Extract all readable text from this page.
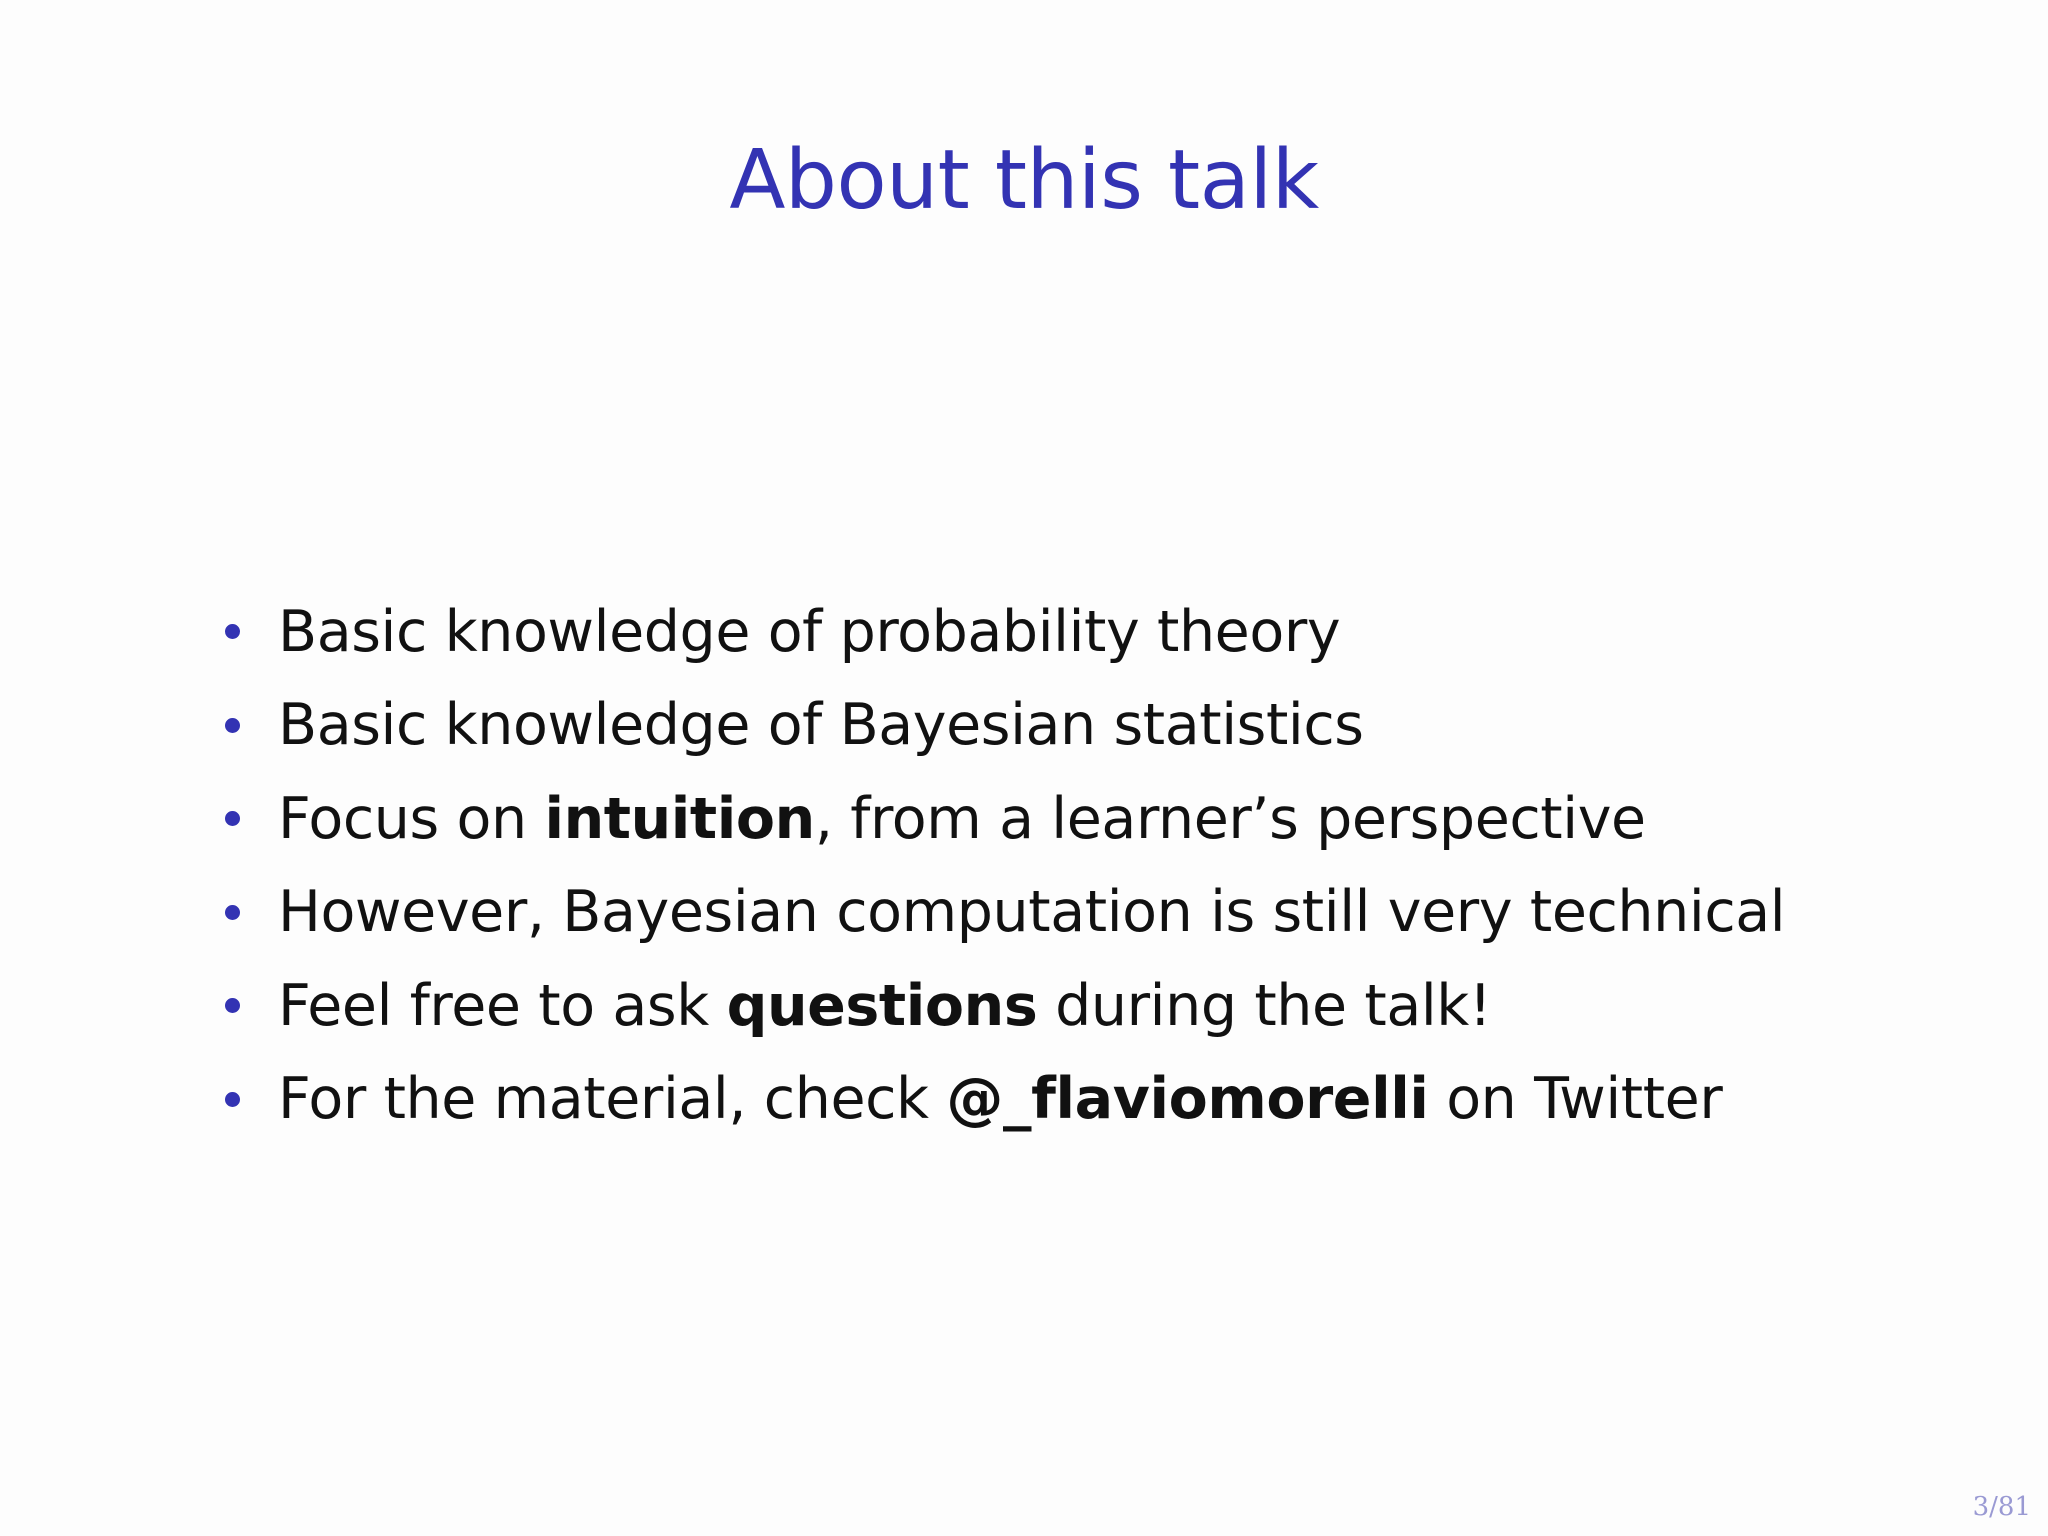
About this talk
Basic knowledge of probability theory
Basic knowledge of Bayesian statistics
Focus on intuition, from a learner’s perspective
However, Bayesian computation is still very technical
Feel free to ask questions during the talk!
For the material, check @_flaviomorelli on Twitter
3/81
